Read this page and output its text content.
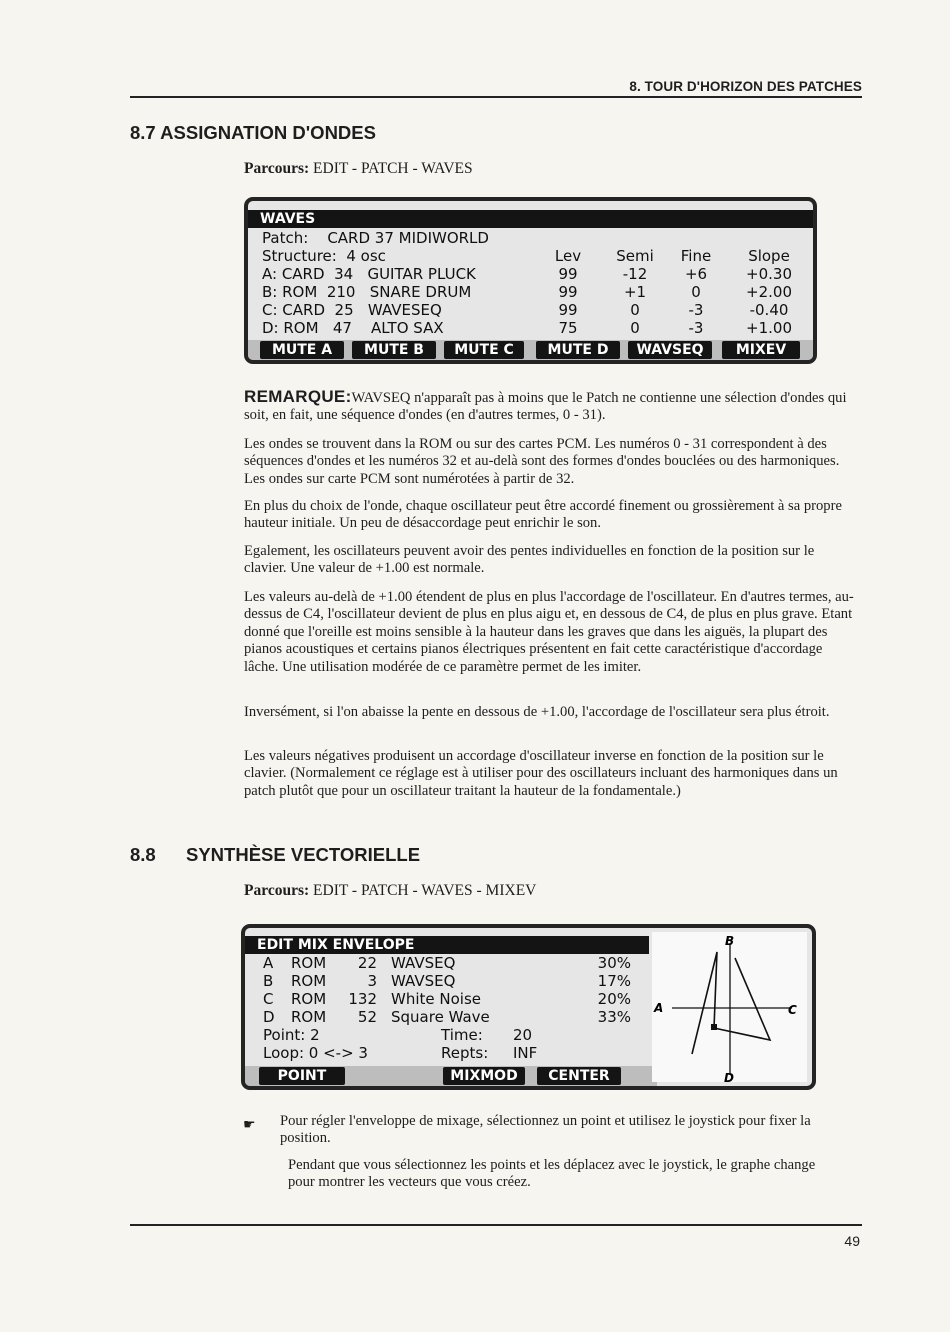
8. TOUR D'HORIZON DES PATCHES
8.7 ASSIGNATION D'ONDES
Parcours: EDIT - PATCH - WAVES
WAVES
Patch:    CARD 37 MIDIWORLD
Structure:  4 osc	Lev	Semi	Fine	Slope
A: CARD  34   GUITAR PLUCK	99	-12	+6	+0.30
B: ROM  210   SNARE DRUM	99	+1	0	+2.00
C: CARD  25   WAVESEQ	99	0	-3	-0.40
D: ROM   47    ALTO SAX	75	0	-3	+1.00
MUTE A	MUTE B	MUTE C	MUTE D	WAVSEQ	MIXEV

REMARQUE:WAVSEQ n'apparaît pas à moins que le Patch ne contienne une sélection d'ondes qui soit, en fait, une séquence d'ondes (en d'autres termes, 0 - 31).

Les ondes se trouvent dans la ROM ou sur des cartes PCM. Les numéros 0 - 31 correspondent à des séquences d'ondes et les numéros 32 et au-delà sont des formes d'ondes bouclées ou des harmoniques. Les ondes sur carte PCM sont numérotées à partir de 32.

En plus du choix de l'onde, chaque oscillateur peut être accordé finement ou grossièrement à sa propre hauteur initiale. Un peu de désaccordage peut enrichir le son.

Egalement, les oscillateurs peuvent avoir des pentes individuelles en fonction de la position sur le clavier. Une valeur de +1.00 est normale.

Les valeurs au-delà de +1.00 étendent de plus en plus l'accordage de l'oscillateur. En d'autres termes, au-dessus de C4, l'oscillateur devient de plus en plus aigu et, en dessous de C4, de plus en plus grave. Etant donné que l'oreille est moins sensible à la hauteur dans les graves que dans les aiguës, la plupart des pianos acoustiques et certains pianos électriques présentent en fait cette caractéristique d'accordage lâche. Une utilisation modérée de ce paramètre permet de les imiter.

Inversément, si l'on abaisse la pente en dessous de +1.00, l'accordage de l'oscillateur sera plus étroit.

Les valeurs négatives produisent un accordage d'oscillateur inverse en fonction de la position sur le clavier. (Normalement ce réglage est à utiliser pour des oscillateurs incluant des harmoniques dans un patch plutôt que pour un oscillateur traitant la hauteur de la fondamentale.)

8.8 SYNTHÈSE VECTORIELLE
Parcours: EDIT - PATCH - WAVES - MIXEV
EDIT MIX ENVELOPE
A ROM	22 WAVSEQ	30%
B ROM	3 WAVSEQ	17%
C ROM	132 White Noise	20%
D ROM	52 Square Wave	33%
Point: 2	Time: 20
Loop: 0 <-> 3	Repts: INF
POINT	MIXMOD	CENTER
B
A	C
D
☛ Pour régler l'enveloppe de mixage, sélectionnez un point et utilisez le joystick pour fixer la position.

Pendant que vous sélectionnez les points et les déplacez avec le joystick, le graphe change pour montrer les vecteurs que vous créez.

49
